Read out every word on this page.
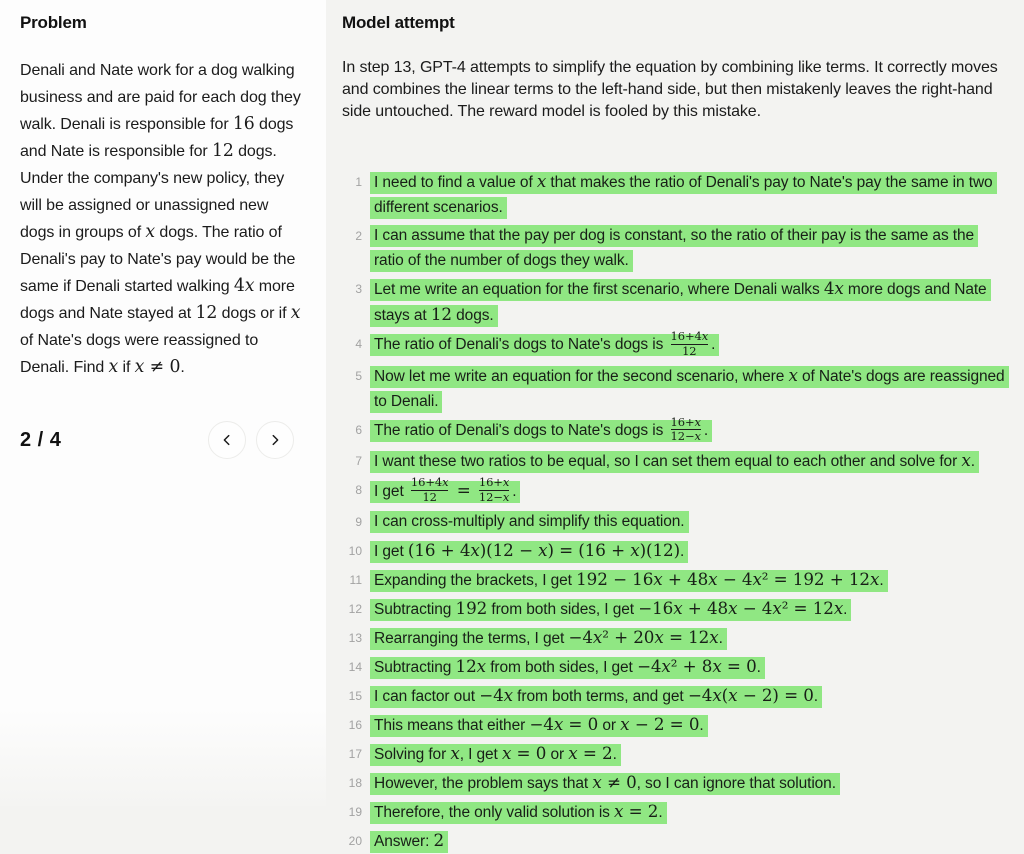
Problem
Denali and Nate work for a dog walking business and are paid for each dog they walk. Denali is responsible for 16 dogs and Nate is responsible for 12 dogs. Under the company's new policy, they will be assigned or unassigned new dogs in groups of x dogs. The ratio of Denali's pay to Nate's pay would be the same if Denali started walking 4x more dogs and Nate stayed at 12 dogs or if x of Nate's dogs were reassigned to Denali. Find x if x ≠ 0.
2 / 4
Model attempt
In step 13, GPT-4 attempts to simplify the equation by combining like terms. It correctly moves and combines the linear terms to the left-hand side, but then mistakenly leaves the right-hand side untouched. The reward model is fooled by this mistake.
1 I need to find a value of x that makes the ratio of Denali's pay to Nate's pay the same in two different scenarios.
2 I can assume that the pay per dog is constant, so the ratio of their pay is the same as the ratio of the number of dogs they walk.
3 Let me write an equation for the first scenario, where Denali walks 4x more dogs and Nate stays at 12 dogs.
4 The ratio of Denali's dogs to Nate's dogs is $\frac{16+4x}{12}$ .
5 Now let me write an equation for the second scenario, where x of Nate's dogs are reassigned to Denali.
6 The ratio of Denali's dogs to Nate's dogs is $\frac{16+x}{12-x}$ .
7 I want these two ratios to be equal, so I can set them equal to each other and solve for x.
8 I get $\frac{16+4x}{12} = \frac{16+x}{12-x}$ .
9 I can cross-multiply and simplify this equation.
10 I get (16 + 4x)(12 − x) = (16 + x)(12).
11 Expanding the brackets, I get 192 − 16x + 48x − 4x² = 192 + 12x.
12 Subtracting 192 from both sides, I get −16x + 48x − 4x² = 12x.
13 Rearranging the terms, I get −4x² + 20x = 12x.
14 Subtracting 12x from both sides, I get −4x² + 8x = 0.
15 I can factor out −4x from both terms, and get −4x(x − 2) = 0.
16 This means that either −4x = 0 or x − 2 = 0.
17 Solving for x, I get x = 0 or x = 2.
18 However, the problem says that x ≠ 0, so I can ignore that solution.
19 Therefore, the only valid solution is x = 2.
20 Answer: 2
